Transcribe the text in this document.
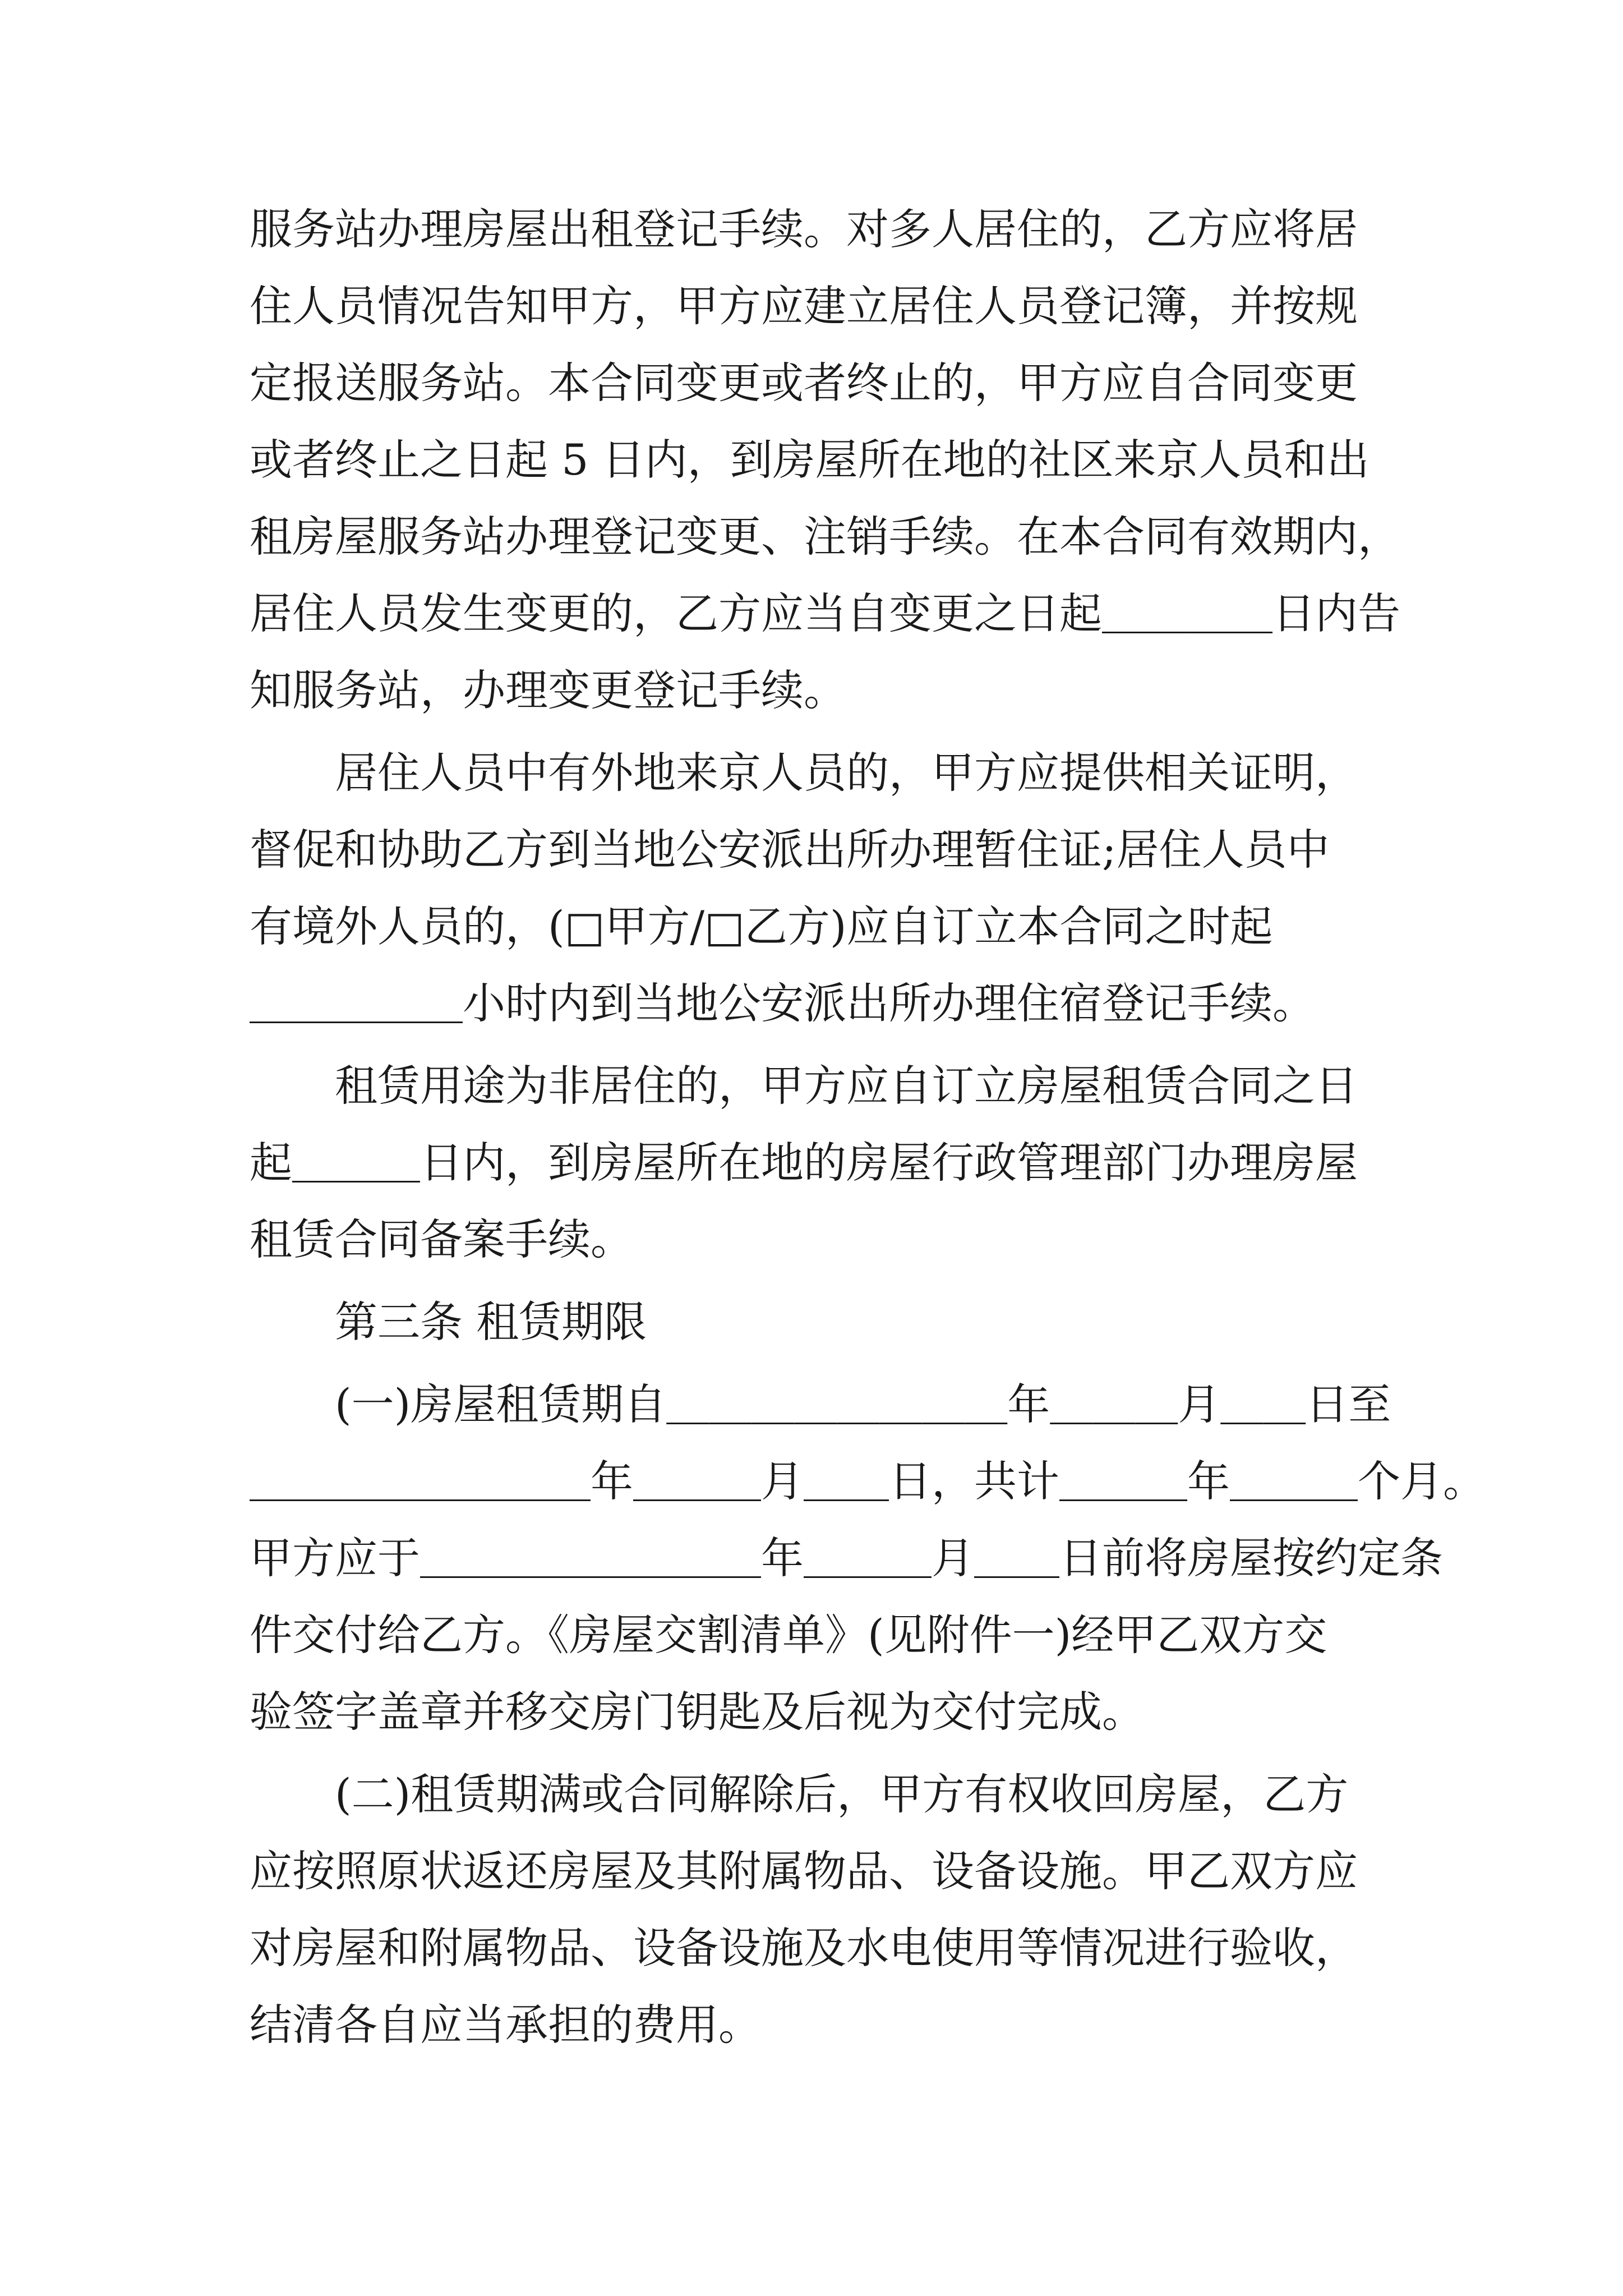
服务站办理房屋出租登记手续。对多人居住的，乙方应将居
住人员情况告知甲方，甲方应建立居住人员登记簿，并按规
定报送服务站。本合同变更或者终止的，甲方应自合同变更
或者终止之日起 5 日内，到房屋所在地的社区来京人员和出
租房屋服务站办理登记变更、注销手续。在本合同有效期内，
居住人员发生变更的，乙方应当自变更之日起＿＿＿＿日内告
知服务站，办理变更登记手续。
　　居住人员中有外地来京人员的，甲方应提供相关证明，
督促和协助乙方到当地公安派出所办理暂住证;居住人员中
有境外人员的，(□甲方/□乙方)应自订立本合同之时起
＿＿＿＿＿小时内到当地公安派出所办理住宿登记手续。
　　租赁用途为非居住的，甲方应自订立房屋租赁合同之日
起＿＿＿日内，到房屋所在地的房屋行政管理部门办理房屋
租赁合同备案手续。
　　第三条 租赁期限
　　(一)房屋租赁期自＿＿＿＿＿＿＿＿年＿＿＿月＿＿日至
＿＿＿＿＿＿＿＿年＿＿＿月＿＿日，共计＿＿＿年＿＿＿个月。
甲方应于＿＿＿＿＿＿＿＿年＿＿＿月＿＿日前将房屋按约定条
件交付给乙方。《房屋交割清单》(见附件一)经甲乙双方交
验签字盖章并移交房门钥匙及后视为交付完成。
　　(二)租赁期满或合同解除后，甲方有权收回房屋，乙方
应按照原状返还房屋及其附属物品、设备设施。甲乙双方应
对房屋和附属物品、设备设施及水电使用等情况进行验收，
结清各自应当承担的费用。
